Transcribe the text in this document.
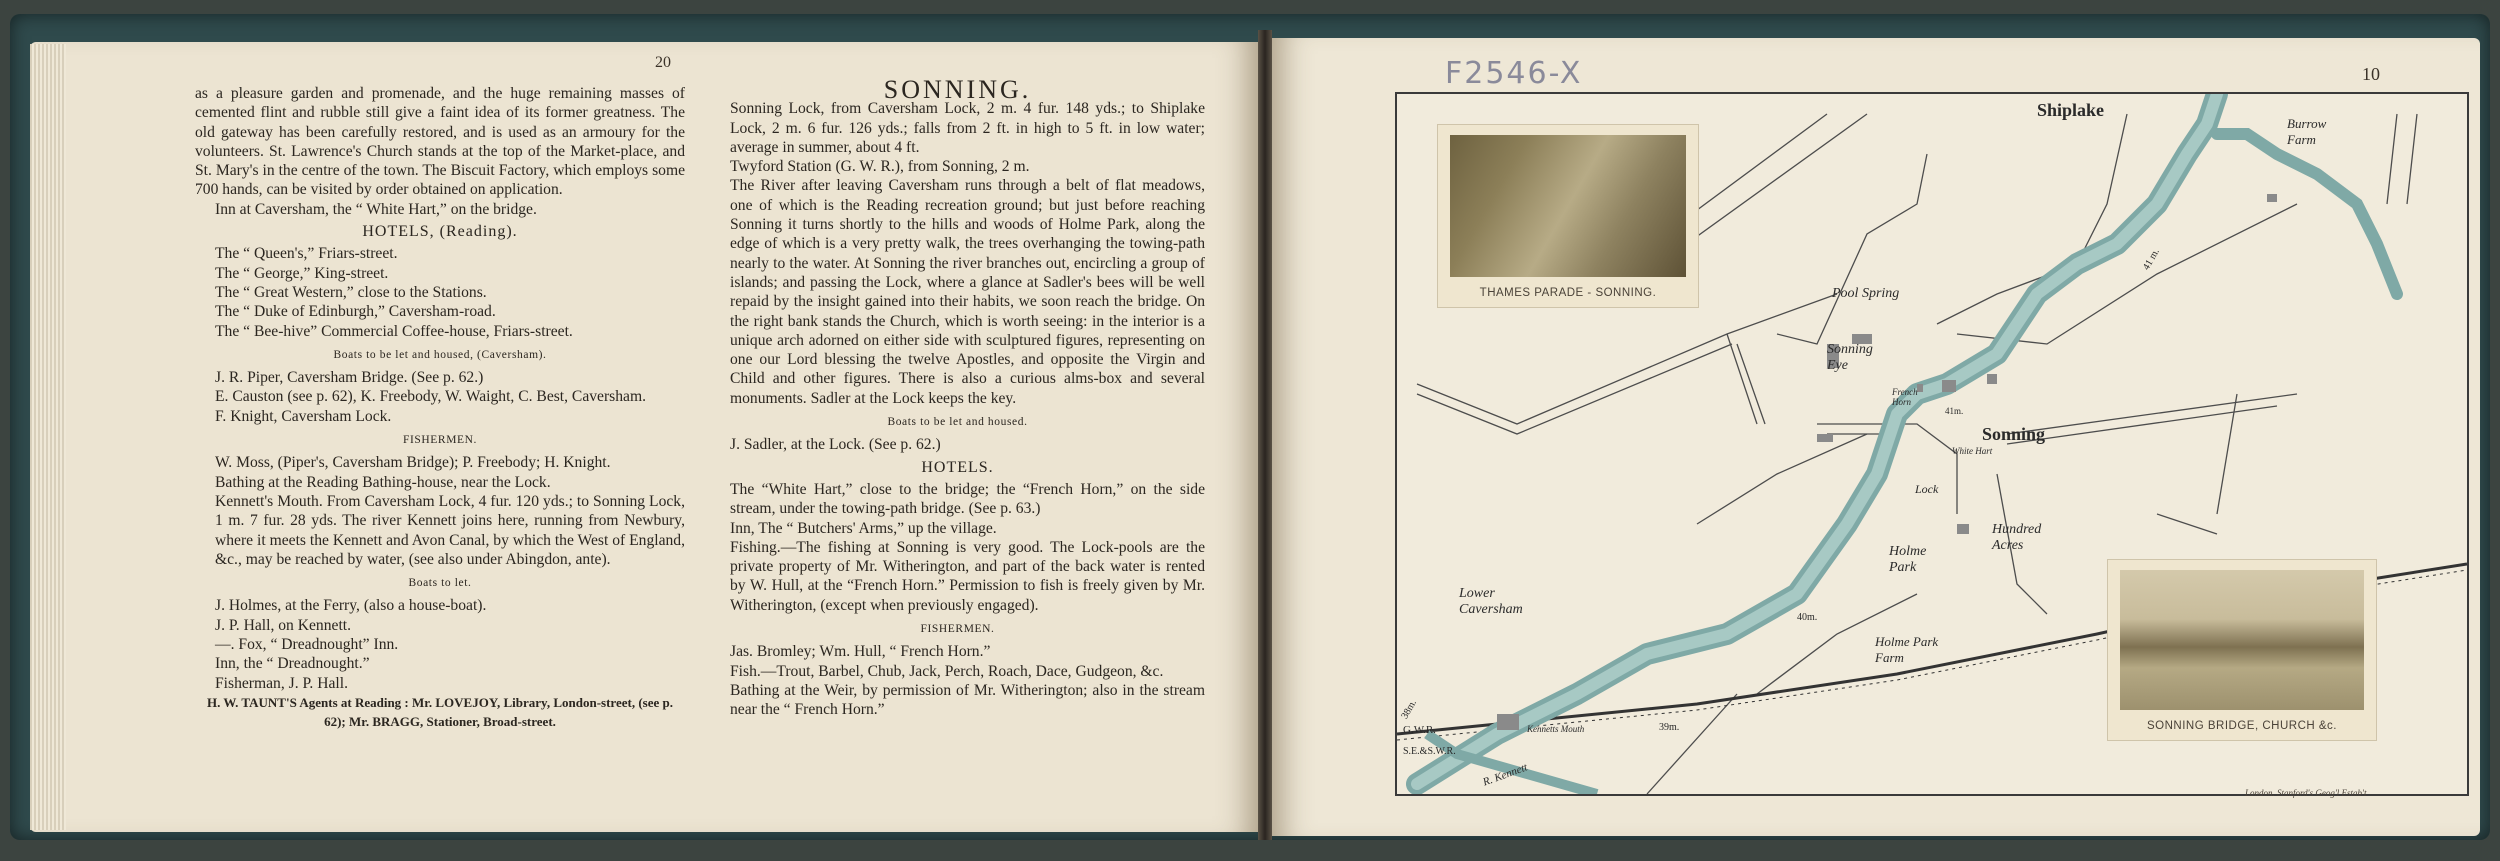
20

as a pleasure garden and promenade, and the huge remaining masses of cemented flint and rubble still give a faint idea of its former greatness. The old gateway has been carefully restored, and is used as an armoury for the volunteers. St. Lawrence's Church stands at the top of the Market-place, and St. Mary's in the centre of the town. The Biscuit Factory, which employs some 700 hands, can be visited by order obtained on application.

Inn at Caversham, the “ White Hart,” on the bridge.

HOTELS, (Reading).

The “ Queen's,” Friars-street.

The “ George,” King-street.

The “ Great Western,” close to the Stations.

The “ Duke of Edinburgh,” Caversham-road.

The “ Bee-hive” Commercial Coffee-house, Friars-street.

Boats to be let and housed, (Caversham).

J. R. Piper, Caversham Bridge. (See p. 62.)

E. Causton (see p. 62), K. Freebody, W. Waight, C. Best, Caversham.

F. Knight, Caversham Lock.

FISHERMEN.

W. Moss, (Piper's, Caversham Bridge); P. Freebody; H. Knight.

Bathing at the Reading Bathing-house, near the Lock.

Kennett's Mouth. From Caversham Lock, 4 fur. 120 yds.; to Sonning Lock, 1 m. 7 fur. 28 yds. The river Kennett joins here, running from Newbury, where it meets the Kennett and Avon Canal, by which the West of England, &c., may be reached by water, (see also under Abingdon, ante).

Boats to let.

J. Holmes, at the Ferry, (also a house-boat).

J. P. Hall, on Kennett.

—. Fox, “ Dreadnought” Inn.

Inn, the “ Dreadnought.”

Fisherman, J. P. Hall.

H. W. TAUNT'S Agents at Reading : Mr. LOVEJOY, Library, London-street, (see p. 62); Mr. BRAGG, Stationer, Broad-street.

SONNING.

Sonning Lock, from Caversham Lock, 2 m. 4 fur. 148 yds.; to Shiplake Lock, 2 m. 6 fur. 126 yds.; falls from 2 ft. in high to 5 ft. in low water; average in summer, about 4 ft.

Twyford Station (G. W. R.), from Sonning, 2 m.

The River after leaving Caversham runs through a belt of flat meadows, one of which is the Reading recreation ground; but just before reaching Sonning it turns shortly to the hills and woods of Holme Park, along the edge of which is a very pretty walk, the trees overhanging the towing-path nearly to the water. At Sonning the river branches out, encircling a group of islands; and passing the Lock, where a glance at Sadler's bees will be well repaid by the insight gained into their habits, we soon reach the bridge. On the right bank stands the Church, which is worth seeing: in the interior is a unique arch adorned on either side with sculptured figures, representing on one our Lord blessing the twelve Apostles, and opposite the Virgin and Child and other figures. There is also a curious alms-box and several monuments. Sadler at the Lock keeps the key.

Boats to be let and housed.

J. Sadler, at the Lock. (See p. 62.)

HOTELS.

The “White Hart,” close to the bridge; the “French Horn,” on the side stream, under the towing-path bridge. (See p. 63.)

Inn, The “ Butchers' Arms,” up the village.

Fishing.—The fishing at Sonning is very good. The Lock-pools are the private property of Mr. Witherington, and part of the back water is rented by W. Hull, at the “French Horn.” Permission to fish is freely given by Mr. Witherington, (except when previously engaged).

FISHERMEN.

Jas. Bromley; Wm. Hull, “ French Horn.”

Fish.—Trout, Barbel, Chub, Jack, Perch, Roach, Dace, Gudgeon, &c.

Bathing at the Weir, by permission of Mr. Witherington; also in the stream near the “ French Horn.”

10
F2546-X
THAMES PARADE - SONNING.
SONNING BRIDGE, CHURCH &c.
Shiplake
Burrow Farm
Pool Spring
Sonning Eye
French Horn
White Hart
Sonning
Lock
Hundred Acres
Holme Park
Holme Park Farm
Lower Caversham
G.W.R.
S.E.&S.W.R.
Kennetts Mouth
R. Kennett
41m.
40m.
39m.
38m.
41 m.
London. Stanford's Geog'l Estab't
